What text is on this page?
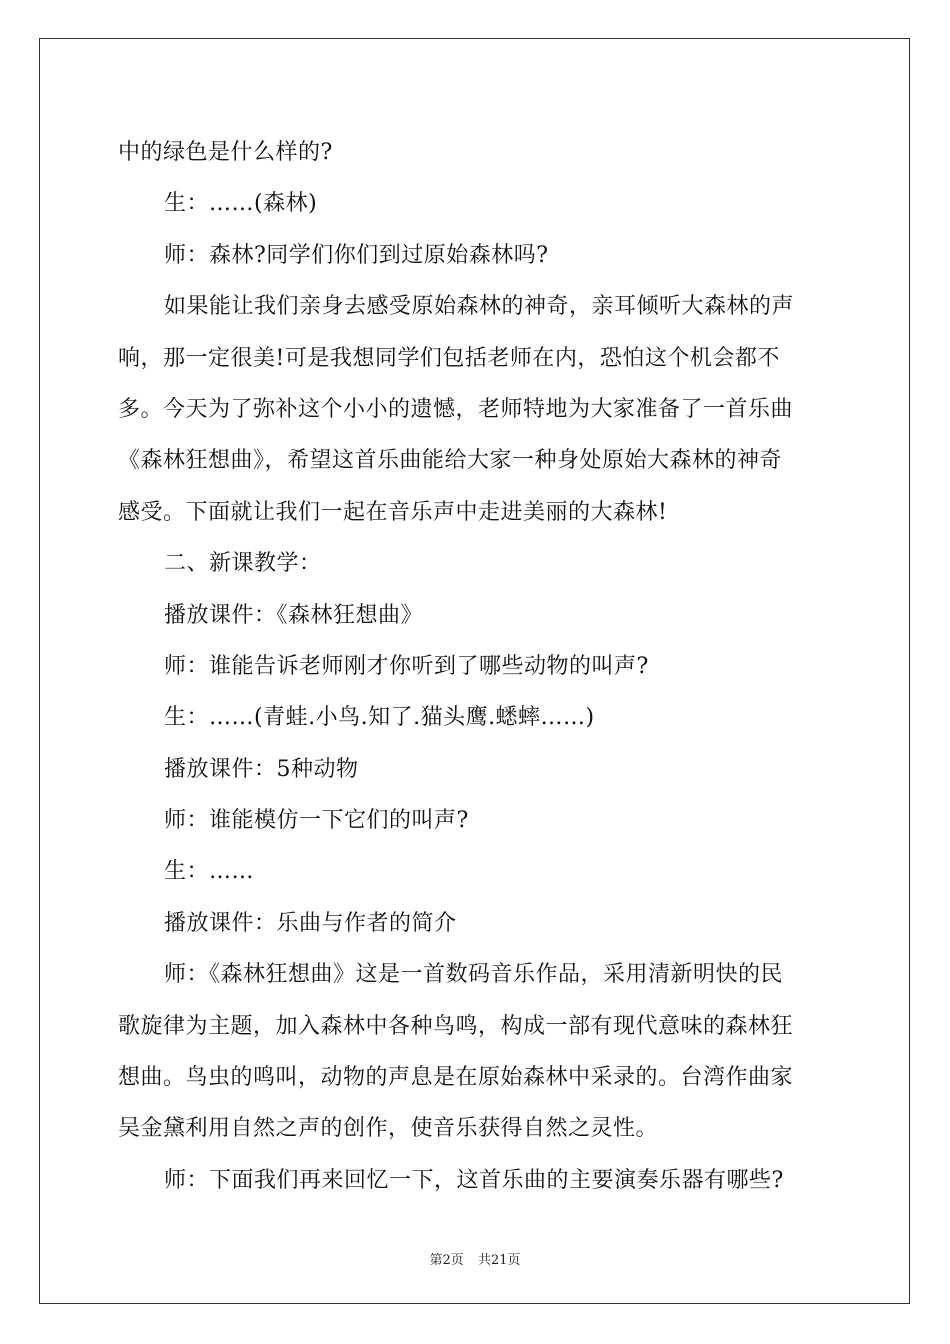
中的绿色是什么样的?
生：……(森林)
师：森林?同学们你们到过原始森林吗?
如果能让我们亲身去感受原始森林的神奇，亲耳倾听大森林的声
响，那一定很美!可是我想同学们包括老师在内，恐怕这个机会都不
多。今天为了弥补这个小小的遗憾，老师特地为大家准备了一首乐曲
《森林狂想曲》，希望这首乐曲能给大家一种身处原始大森林的神奇
感受。下面就让我们一起在音乐声中走进美丽的大森林!
二、新课教学：
播放课件：《森林狂想曲》
师：谁能告诉老师刚才你听到了哪些动物的叫声?
生：……(青蛙.小鸟.知了.猫头鹰.蟋蟀……)
播放课件：5种动物
师：谁能模仿一下它们的叫声?
生：……
播放课件：乐曲与作者的简介
师：《森林狂想曲》这是一首数码音乐作品，采用清新明快的民
歌旋律为主题，加入森林中各种鸟鸣，构成一部有现代意味的森林狂
想曲。鸟虫的鸣叫，动物的声息是在原始森林中采录的。台湾作曲家
吴金黛利用自然之声的创作，使音乐获得自然之灵性。
师：下面我们再来回忆一下，这首乐曲的主要演奏乐器有哪些?
第2页 共21页
